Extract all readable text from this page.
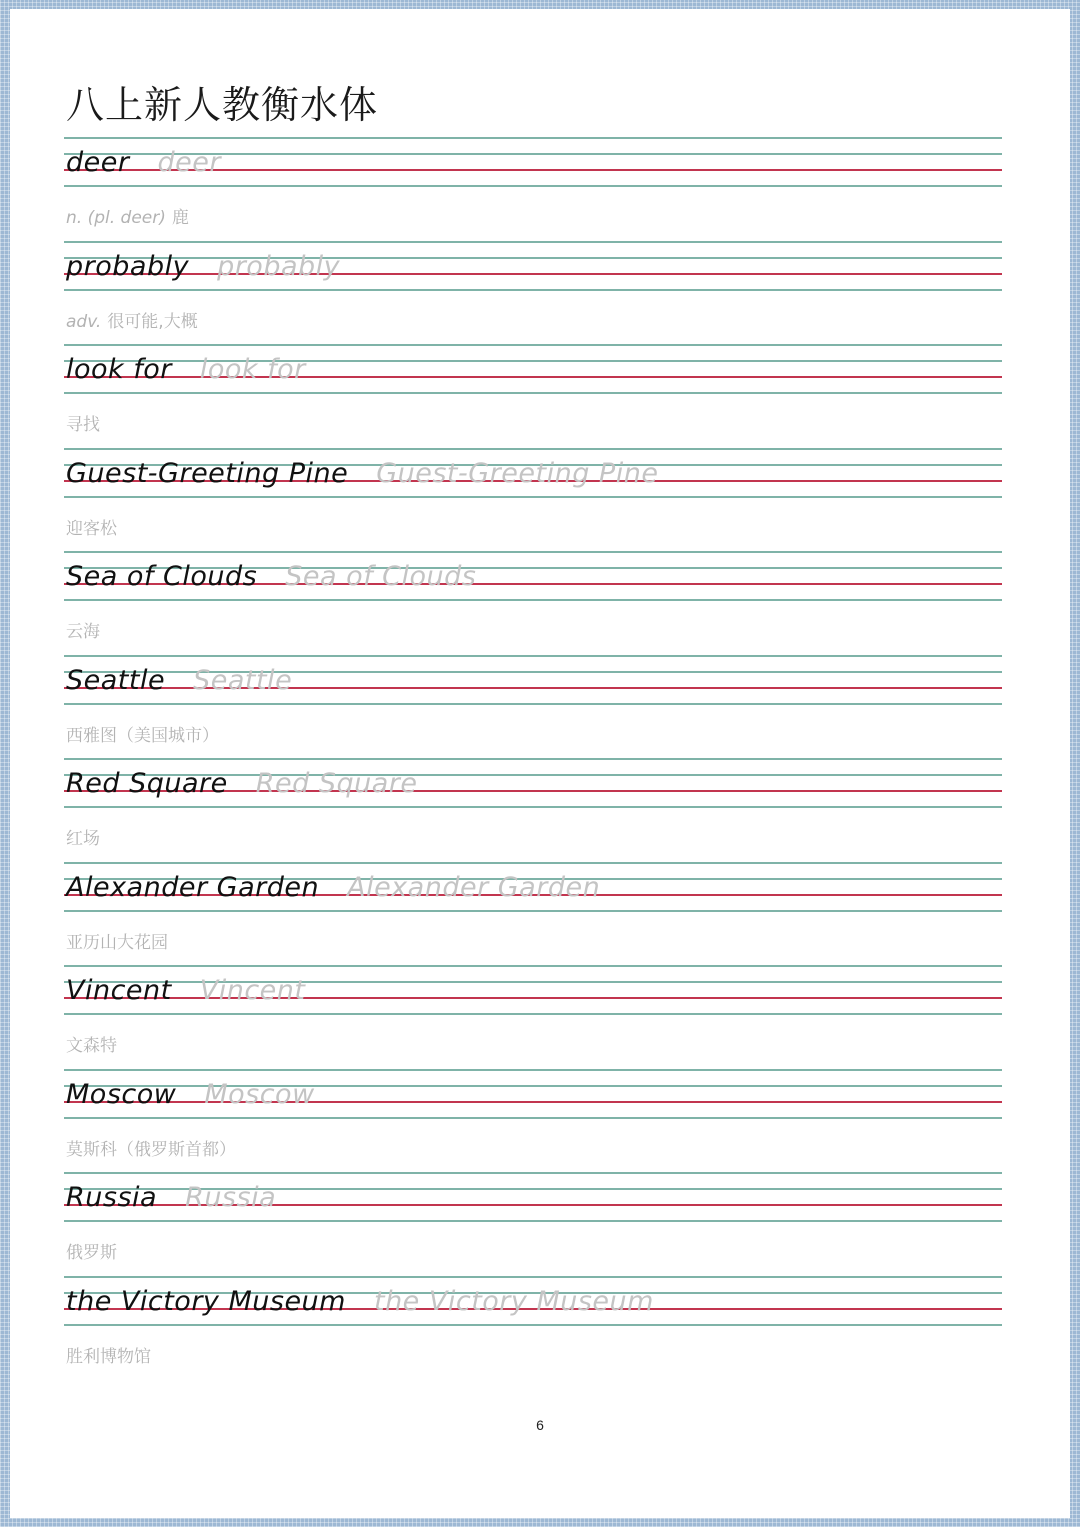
八上新人教衡水体
deer deer
n. (pl. deer) 鹿
probably probably
adv. 很可能,大概
look for look for
寻找
Guest-Greeting Pine Guest-Greeting Pine
迎客松
Sea of Clouds Sea of Clouds
云海
Seattle Seattle
西雅图（美国城市）
Red Square Red Square
红场
Alexander Garden Alexander Garden
亚历山大花园
Vincent Vincent
文森特
Moscow Moscow
莫斯科（俄罗斯首都）
Russia Russia
俄罗斯
the Victory Museum the Victory Museum
胜利博物馆
6
